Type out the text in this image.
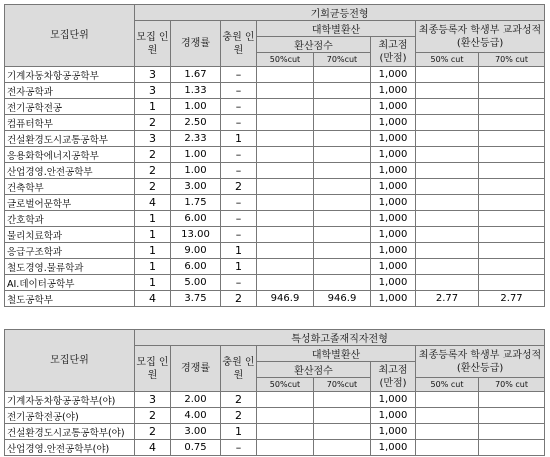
모집단위	기회균등전형							
	모집 인원	경쟁률	충원 인원	대학별환산			최종등록자 학생부 교과성적(환산등급)	
				환산점수		최고점 (만점)		
				50%cut	70%cut		50% cut	70% cut
기계자동차항공공학부	3	1.67	–			1,000		
전자공학과	3	1.33	–			1,000		
전기공학전공	1	1.00	–			1,000		
컴퓨터학부	2	2.50	–			1,000		
건설환경도시교통공학부	3	2.33	1			1,000		
응용화학에너지공학부	2	1.00	–			1,000		
산업경영.안전공학부	2	1.00	–			1,000		
건축학부	2	3.00	2			1,000		
글로벌어문학부	4	1.75	–			1,000		
간호학과	1	6.00	–			1,000		
물리치료학과	1	13.00	–			1,000		
응급구조학과	1	9.00	1			1,000		
철도경영.물류학과	1	6.00	1			1,000		
AI.데이터공학부	1	5.00	–			1,000		
철도공학부	4	3.75	2	946.9	946.9	1,000	2.77	2.77
모집단위	특성화고졸재직자전형							
	모집 인원	경쟁률	충원 인원	대학별환산			최종등록자 학생부 교과성적(환산등급)	
				환산점수		최고점 (만점)		
				50%cut	70%cut		50% cut	70% cut
기계자동차항공공학부(야)	3	2.00	2			1,000		
전기공학전공(야)	2	4.00	2			1,000		
건설환경도시교통공학부(야)	2	3.00	1			1,000		
산업경영.안전공학부(야)	4	0.75	–			1,000		
